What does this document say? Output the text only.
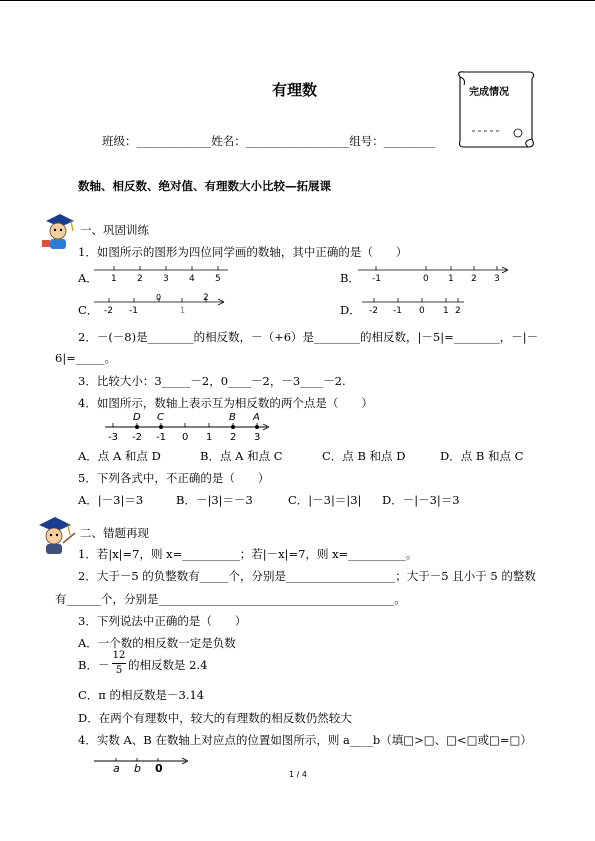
有理数	完成情况
班级：_____________姓名：__________________组号：_________
数轴、相反数、绝对值、有理数大小比较—拓展课
一、巩固训练
1．如图所示的图形为四位同学画的数轴，其中正确的是（　　）
A． 1 2 3 4 5	B． -1	0 1 2 3
C． -2 -1
0
1
2
D． -2 -1 0 1 2
2．－(－8)是________的相反数，－（+6）是________的相反数，|－5|=________，－|－
6|=_____。
3．比较大小：3_____－2，0____－2，－3____－2.
4．如图所示，数轴上表示互为相反数的两个点是（　　）
D C	B A
-3 -2 -1 0 1 2 3
A．点 A 和点 D	B．点 A 和点 C	C．点 B 和点 D	D．点 B 和点 C
5．下列各式中，不正确的是（　　）
A．|－3|＝3	B．－|3|＝－3	C．|－3|＝|3| D．－|－3|＝3
二、错题再现
1．若|x|=7，则 x=__________；若|－x|=7，则 x=__________。
2．大于－5 的负整数有_____个，分别是___________________；大于－5 且小于 5 的整数
有______个，分别是_________________________________________。
3．下列说法中正确的是（　　）
A．一个数的相反数一定是负数
B．－
12
5 的相反数是 2.4
C．π 的相反数是－3.14
D．在两个有理数中，较大的有理数的相反数仍然较大
4．实数 A、B 在数轴上对应点的位置如图所示，则 a____b（填□>□、□<□或□=□）
a b 0	1 / 4
